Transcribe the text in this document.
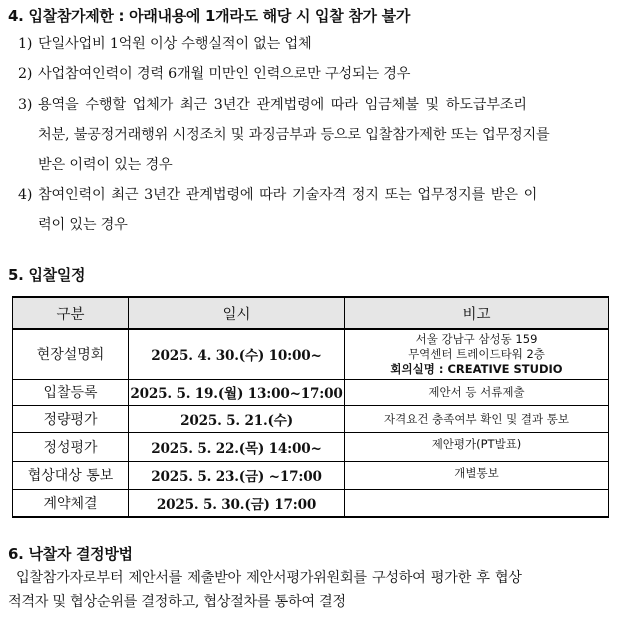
4. 입찰참가제한 : 아래내용에 1개라도 해당 시 입찰 참가 불가
1) 단일사업비 1억원 이상 수행실적이 없는 업체
2) 사업참여인력이 경력 6개월 미만인 인력으로만 구성되는 경우
3) 용역을 수행할 업체가 최근 3년간 관계법령에 따라 임금체불 및 하도급부조리
처분, 불공정거래행위 시정조치 및 과징금부과 등으로 입찰참가제한 또는 업무정지를
받은 이력이 있는 경우
4) 참여인력이 최근 3년간 관계법령에 따라 기술자격 정지 또는 업무정지를 받은 이
력이 있는 경우
5. 입찰일정
구분	일시	비고
현장설명회	2025. 4. 30.(수) 10:00~	서울 강남구 삼성동 159
무역센터 트레이드타워 2층
회의실명 : CREATIVE STUDIO

입찰등록	2025. 5. 19.(월) 13:00~17:00	제안서 등 서류제출

정량평가	2025. 5. 21.(수)	자격요건 충족여부 확인 및 결과 통보

정성평가	2025. 5. 22.(목) 14:00~	제안평가(PT발표)

협상대상 통보	2025. 5. 23.(금) ~17:00	개별통보

계약체결	2025. 5. 30.(금) 17:00	
6. 낙찰자 결정방법
입찰참가자로부터 제안서를 제출받아 제안서평가위원회를 구성하여 평가한 후 협상
적격자 및 협상순위를 결정하고, 협상절차를 통하여 결정
